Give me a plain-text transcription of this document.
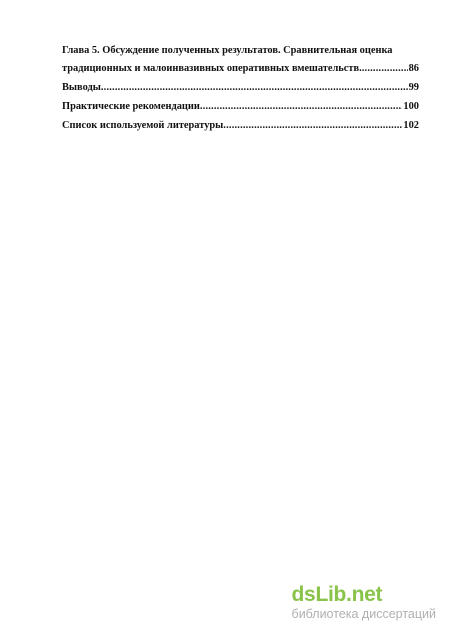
Глава 5. Обсуждение полученных результатов. Сравнительная оценка
традиционных и малоинвазивных оперативных вмешательств. .....	86
Выводы .....	99
Практические рекомендации .....	100
Список используемой литературы .....	102
dsLib.net
библиотека диссертаций
